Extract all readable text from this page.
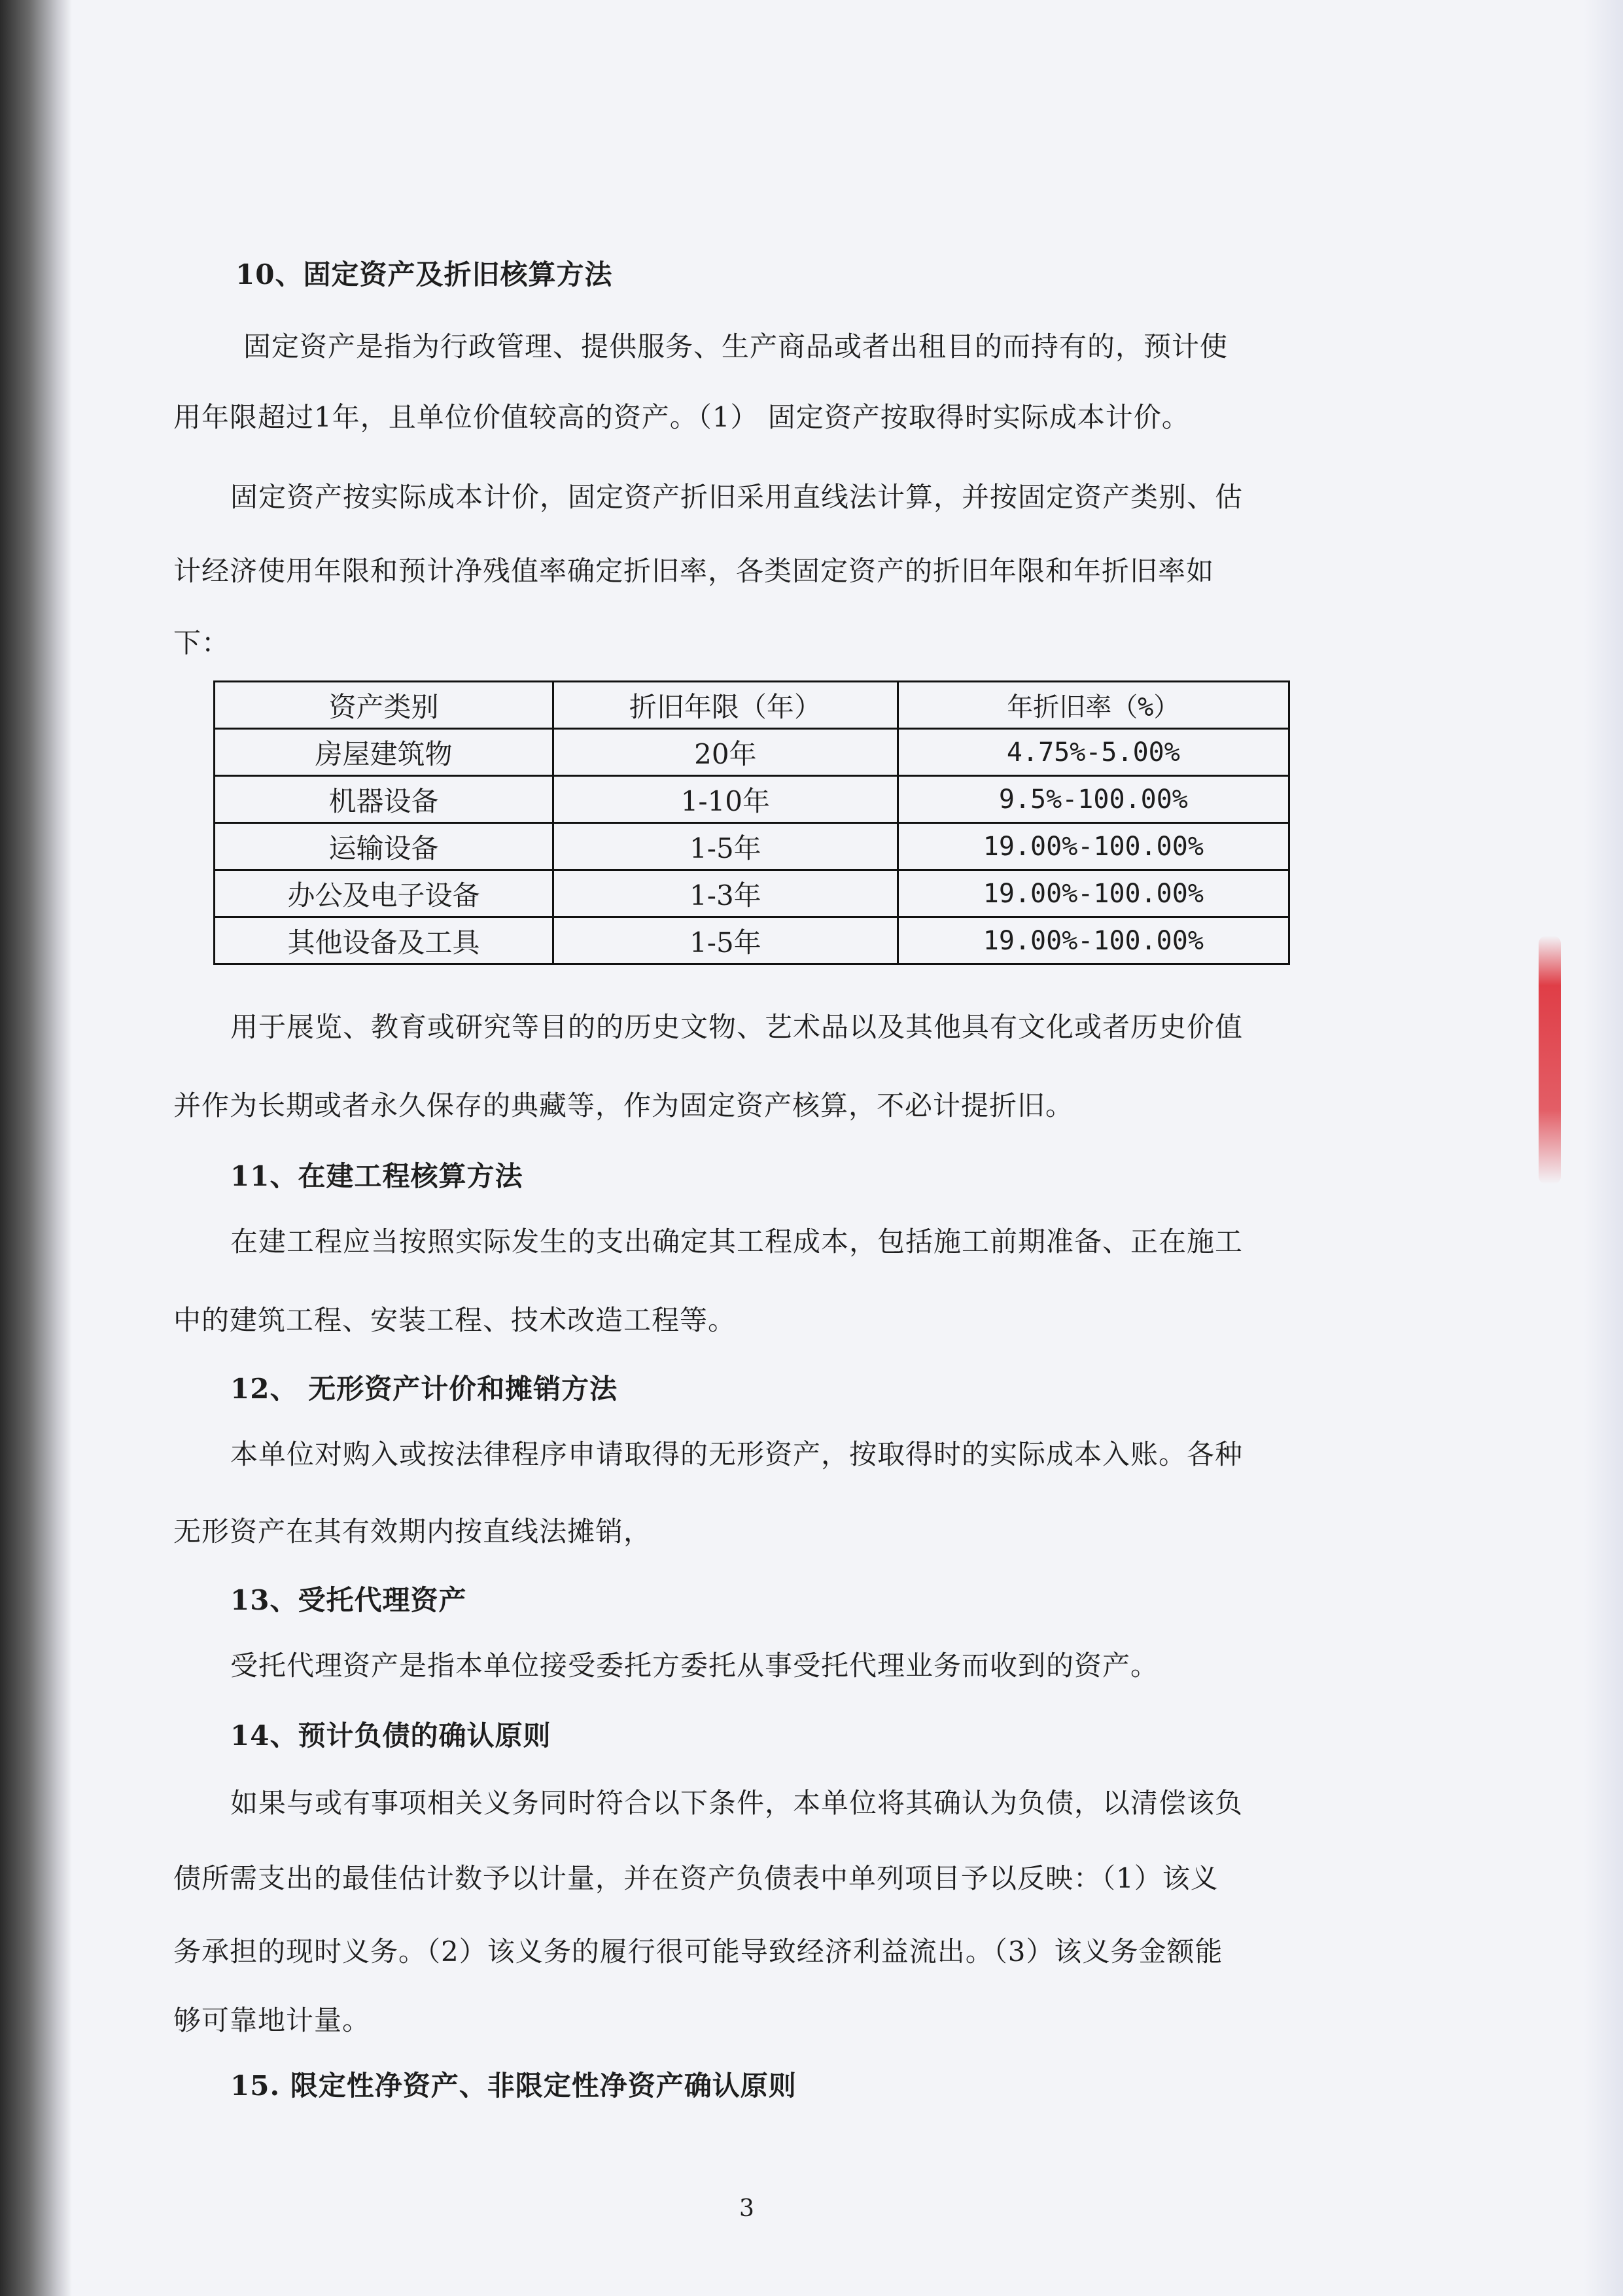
10、固定资产及折旧核算方法
固定资产是指为行政管理、提供服务、生产商品或者出租目的而持有的，预计使
用年限超过1年，且单位价值较高的资产。（1） 固定资产按取得时实际成本计价。
固定资产按实际成本计价，固定资产折旧采用直线法计算，并按固定资产类别、估
计经济使用年限和预计净残值率确定折旧率，各类固定资产的折旧年限和年折旧率如
下：
资产类别	折旧年限（年）	年折旧率（%）
房屋建筑物	20年	4.75%-5.00%
机器设备	1-10年	9.5%-100.00%
运输设备	1-5年	19.00%-100.00%
办公及电子设备	1-3年	19.00%-100.00%
其他设备及工具	1-5年	19.00%-100.00%
用于展览、教育或研究等目的的历史文物、艺术品以及其他具有文化或者历史价值
并作为长期或者永久保存的典藏等，作为固定资产核算，不必计提折旧。
11、在建工程核算方法
在建工程应当按照实际发生的支出确定其工程成本，包括施工前期准备、正在施工
中的建筑工程、安装工程、技术改造工程等。
12、 无形资产计价和摊销方法
本单位对购入或按法律程序申请取得的无形资产，按取得时的实际成本入账。各种
无形资产在其有效期内按直线法摊销，
13、受托代理资产
受托代理资产是指本单位接受委托方委托从事受托代理业务而收到的资产。
14、预计负债的确认原则
如果与或有事项相关义务同时符合以下条件，本单位将其确认为负债，以清偿该负
债所需支出的最佳估计数予以计量，并在资产负债表中单列项目予以反映：（1）该义
务承担的现时义务。（2）该义务的履行很可能导致经济利益流出。（3）该义务金额能
够可靠地计量。
15. 限定性净资产、非限定性净资产确认原则
3
